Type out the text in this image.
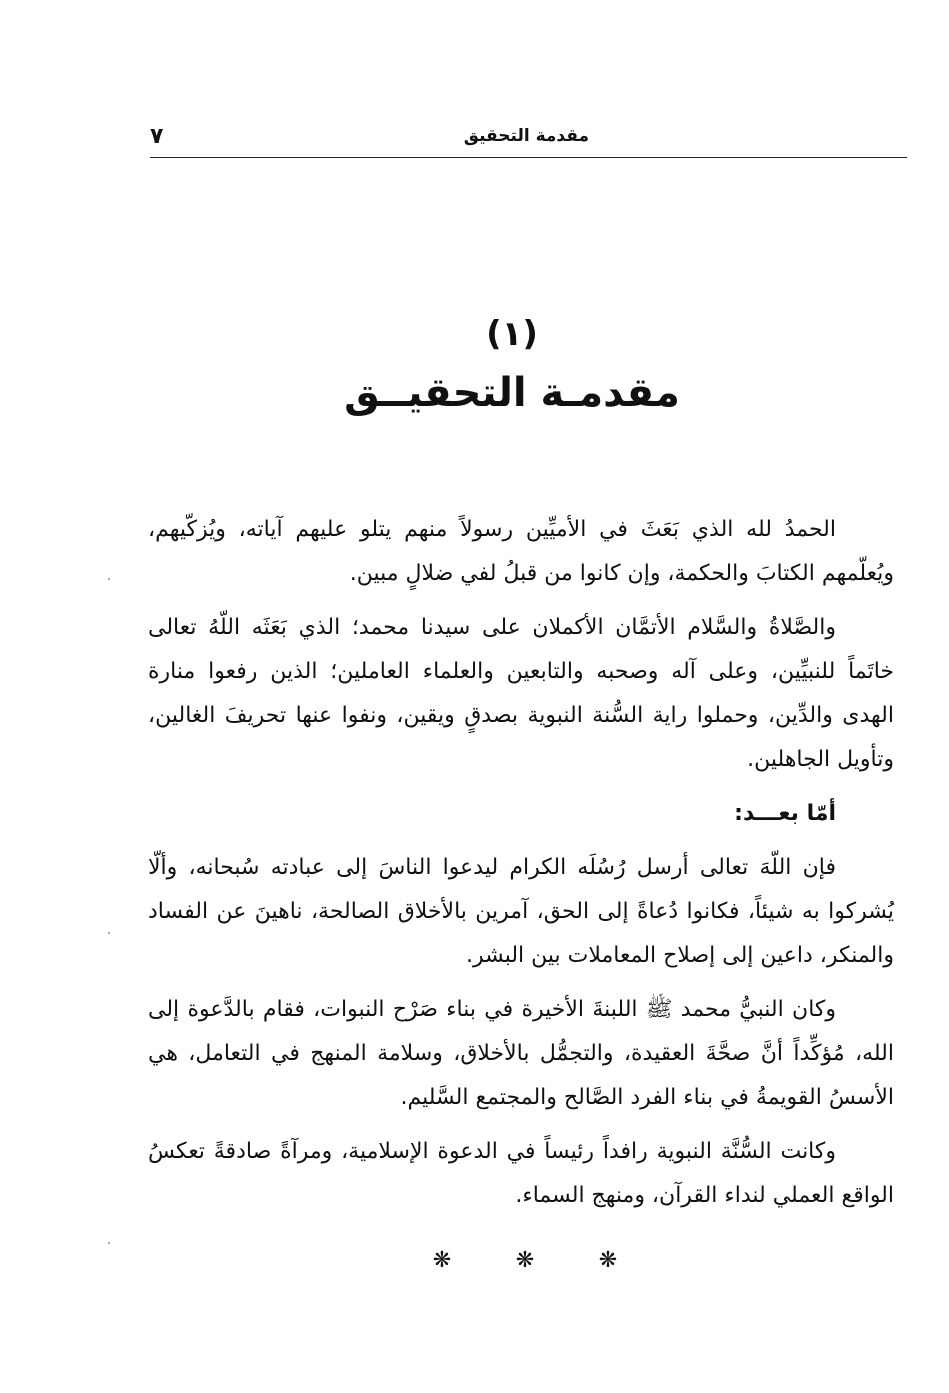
مقدمة التحقيق
٧
(١)
مقدمـة التحقيــق

الحمدُ لله الذي بَعَثَ في الأميِّين رسولاً منهم يتلو عليهم آياته، ويُزكّيهم، ويُعلّمهم الكتابَ والحكمة، وإن كانوا من قبلُ لفي ضلالٍ مبين.

والصَّلاةُ والسَّلام الأتمَّان الأكملان على سيدنا محمد؛ الذي بَعَثَه اللّهُ تعالى خاتَماً للنبيِّين، وعلى آله وصحبه والتابعين والعلماء العاملين؛ الذين رفعوا منارة الهدى والدِّين، وحملوا راية السُّنة النبوية بصدقٍ ويقين، ونفوا عنها تحريفَ الغالين، وتأويل الجاهلين.

أمّا بعـــد:

فإن اللّهَ تعالى أرسل رُسُلَه الكرام ليدعوا الناسَ إلى عبادته سُبحانه، وألّا يُشركوا به شيئاً، فكانوا دُعاةً إلى الحق، آمرين بالأخلاق الصالحة، ناهينَ عن الفساد والمنكر، داعين إلى إصلاح المعاملات بين البشر.

وكان النبيُّ محمد ﷺ اللبنةَ الأخيرة في بناء صَرْح النبوات، فقام بالدَّعوة إلى الله، مُؤكِّداً أنَّ صحَّةَ العقيدة، والتجمُّل بالأخلاق، وسلامة المنهج في التعامل، هي الأسسُ القويمةُ في بناء الفرد الصَّالح والمجتمع السَّليم.

وكانت السُّنَّة النبوية رافداً رئيساً في الدعوة الإسلامية، ومرآةً صادقةً تعكسُ الواقع العملي لنداء القرآن، ومنهج السماء.

❋	❋	❋
